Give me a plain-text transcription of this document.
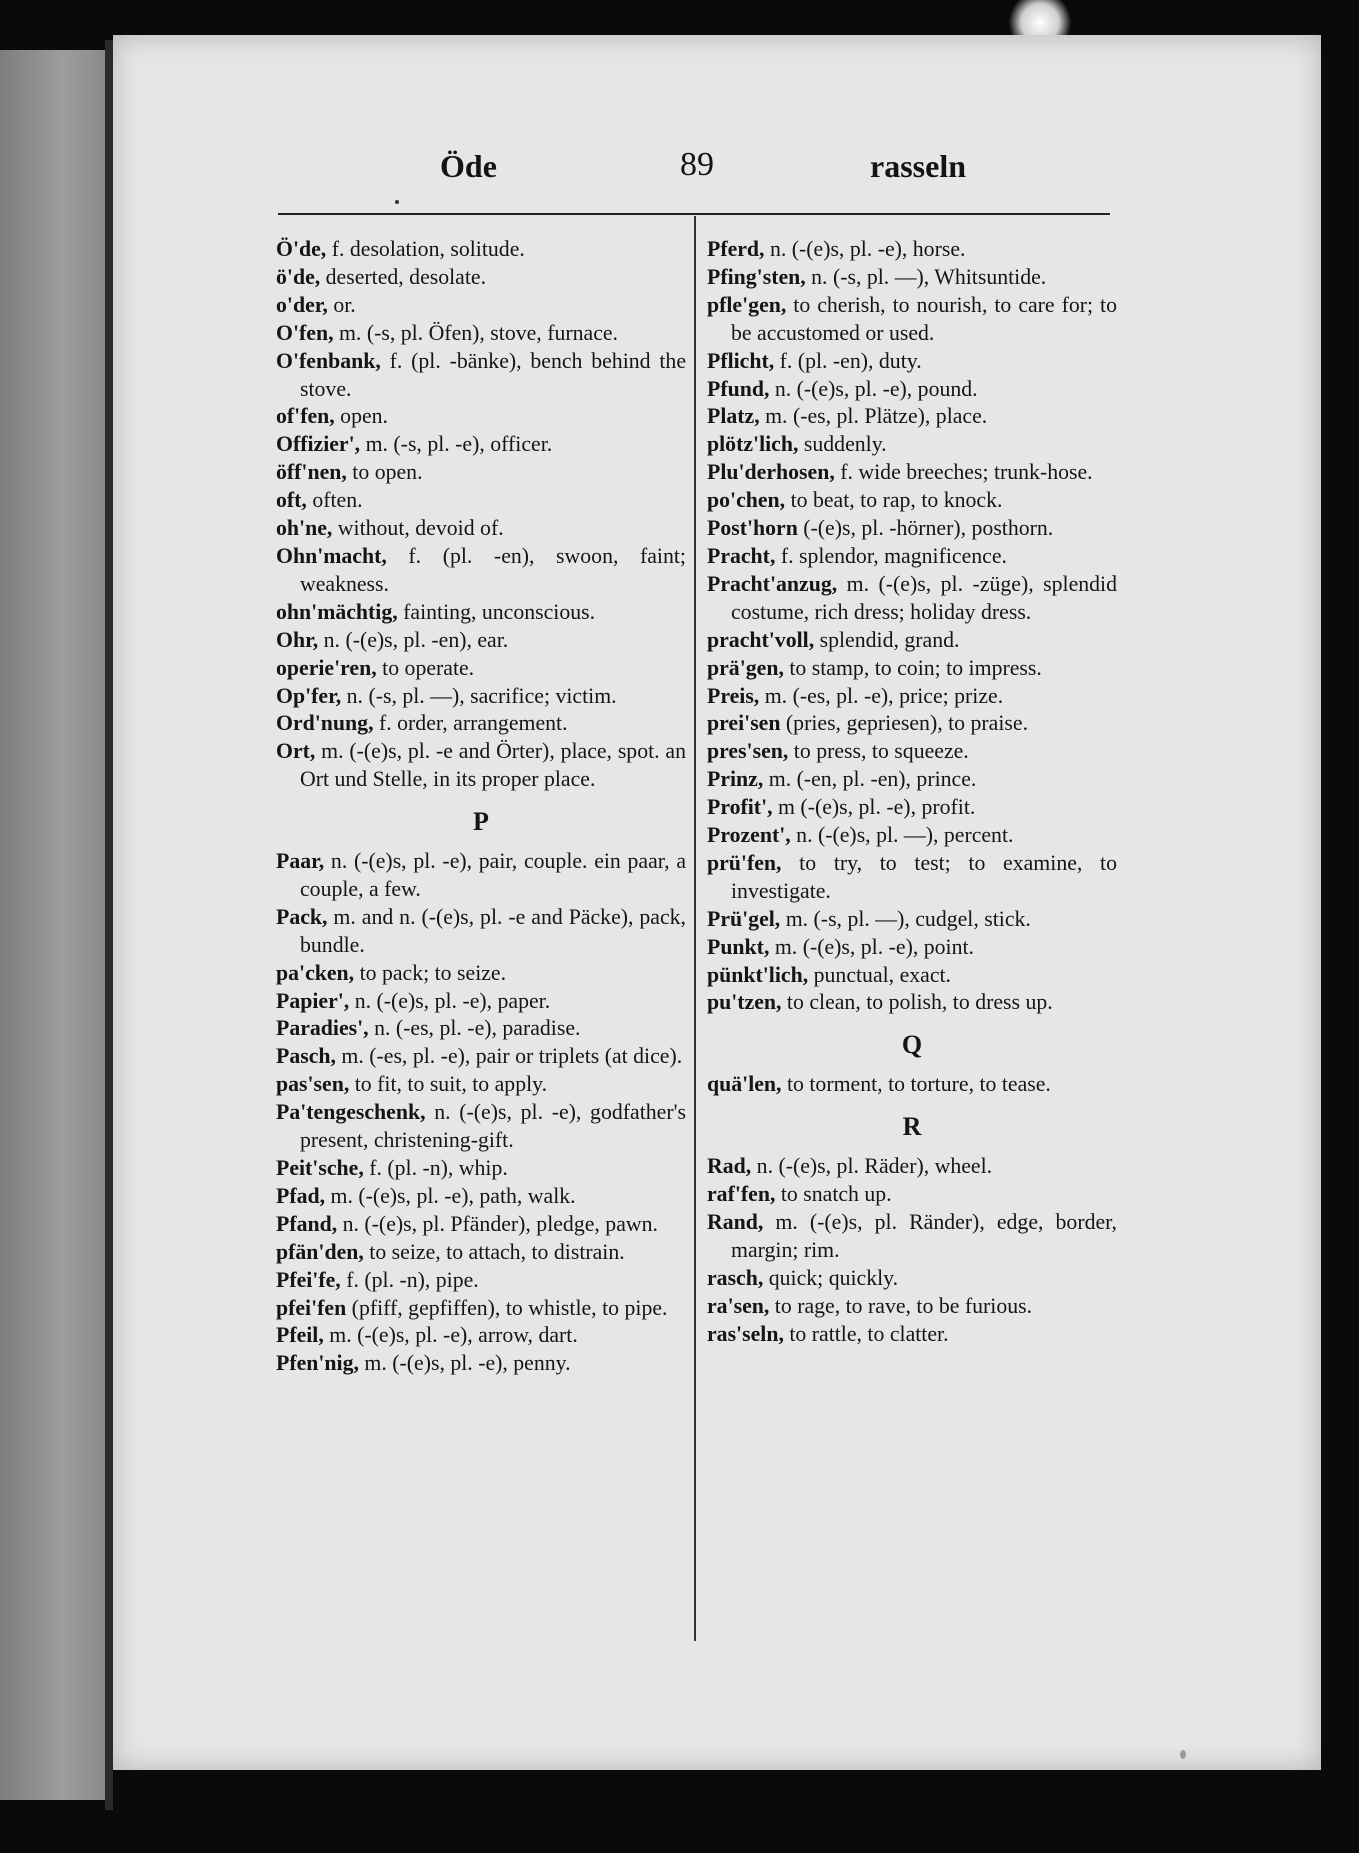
Öde	89	rasseln

Ö'de, f. desolation, solitude.

ö'de, deserted, desolate.

o'der, or.

O'fen, m. (-s, pl. Öfen), stove, furnace.

O'fenbank, f. (pl. -bänke), bench behind the stove.

of'fen, open.

Offizier', m. (-s, pl. -e), officer.

öff'nen, to open.

oft, often.

oh'ne, without, devoid of.

Ohn'macht, f. (pl. -en), swoon, faint; weakness.

ohn'mächtig, fainting, unconscious.

Ohr, n. (-(e)s, pl. -en), ear.

operie'ren, to operate.

Op'fer, n. (-s, pl. —), sacrifice; victim.

Ord'nung, f. order, arrangement.

Ort, m. (-(e)s, pl. -e and Örter), place, spot. an Ort und Stelle, in its proper place.

P

Paar, n. (-(e)s, pl. -e), pair, couple. ein paar, a couple, a few.

Pack, m. and n. (-(e)s, pl. -e and Päcke), pack, bundle.

pa'cken, to pack; to seize.

Papier', n. (-(e)s, pl. -e), paper.

Paradies', n. (-es, pl. -e), paradise.

Pasch, m. (-es, pl. -e), pair or triplets (at dice).

pas'sen, to fit, to suit, to apply.

Pa'tengeschenk, n. (-(e)s, pl. -e), godfather's present, christening-gift.

Peit'sche, f. (pl. -n), whip.

Pfad, m. (-(e)s, pl. -e), path, walk.

Pfand, n. (-(e)s, pl. Pfänder), pledge, pawn.

pfän'den, to seize, to attach, to distrain.

Pfei'fe, f. (pl. -n), pipe.

pfei'fen (pfiff, gepfiffen), to whistle, to pipe.

Pfeil, m. (-(e)s, pl. -e), arrow, dart.

Pfen'nig, m. (-(e)s, pl. -e), penny.

Pferd, n. (-(e)s, pl. -e), horse.

Pfing'sten, n. (-s, pl. —), Whitsuntide.

pfle'gen, to cherish, to nourish, to care for; to be accustomed or used.

Pflicht, f. (pl. -en), duty.

Pfund, n. (-(e)s, pl. -e), pound.

Platz, m. (-es, pl. Plätze), place.

plötz'lich, suddenly.

Plu'derhosen, f. wide breeches; trunk-hose.

po'chen, to beat, to rap, to knock.

Post'horn (-(e)s, pl. -hörner), posthorn.

Pracht, f. splendor, magnificence.

Pracht'anzug, m. (-(e)s, pl. -züge), splendid costume, rich dress; holiday dress.

pracht'voll, splendid, grand.

prä'gen, to stamp, to coin; to impress.

Preis, m. (-es, pl. -e), price; prize.

prei'sen (pries, gepriesen), to praise.

pres'sen, to press, to squeeze.

Prinz, m. (-en, pl. -en), prince.

Profit', m (-(e)s, pl. -e), profit.

Prozent', n. (-(e)s, pl. —), percent.

prü'fen, to try, to test; to examine, to investigate.

Prü'gel, m. (-s, pl. —), cudgel, stick.

Punkt, m. (-(e)s, pl. -e), point.

pünkt'lich, punctual, exact.

pu'tzen, to clean, to polish, to dress up.

Q

quä'len, to torment, to torture, to tease.

R

Rad, n. (-(e)s, pl. Räder), wheel.

raf'fen, to snatch up.

Rand, m. (-(e)s, pl. Ränder), edge, border, margin; rim.

rasch, quick; quickly.

ra'sen, to rage, to rave, to be furious.

ras'seln, to rattle, to clatter.
